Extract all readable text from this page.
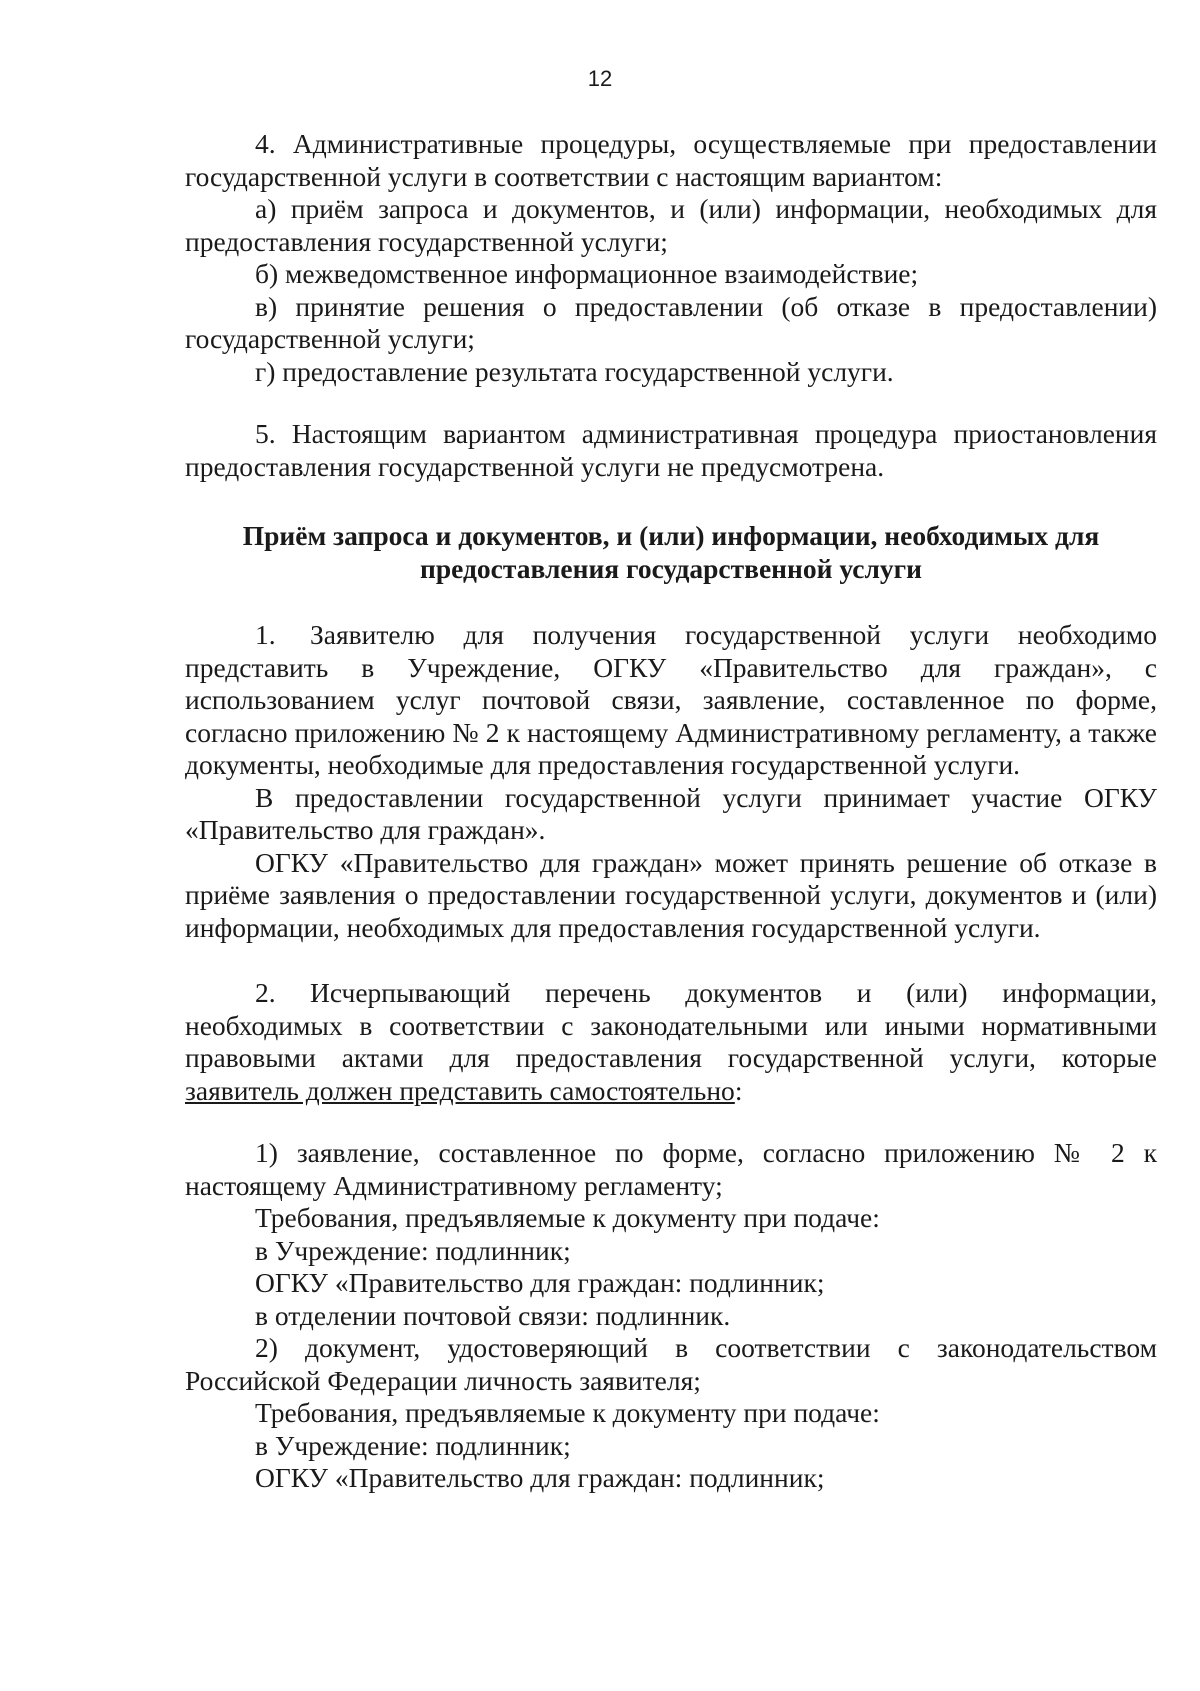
12

4. Административные процедуры, осуществляемые при предоставлении государственной услуги в соответствии с настоящим вариантом:

а) приём запроса и документов, и (или) информации, необходимых для предоставления государственной услуги;

б) межведомственное информационное взаимодействие;

в) принятие решения о предоставлении (об отказе в предоставлении) государственной услуги;

г) предоставление результата государственной услуги.

5. Настоящим вариантом административная процедура приостановления предоставления государственной услуги не предусмотрена.

Приём запроса и документов, и (или) информации, необходимых для
предоставления государственной услуги

1. Заявителю для получения государственной услуги необходимо представить в Учреждение, ОГКУ «Правительство для граждан», с использованием услуг почтовой связи, заявление, составленное по форме, согласно приложению № 2 к настоящему Административному регламенту, а также документы, необходимые для предоставления государственной услуги.

В предоставлении государственной услуги принимает участие ОГКУ «Правительство для граждан».

ОГКУ «Правительство для граждан» может принять решение об отказе в приёме заявления о предоставлении государственной услуги, документов и (или) информации, необходимых для предоставления государственной услуги.

2. Исчерпывающий перечень документов и (или) информации, необходимых в соответствии с законодательными или иными нормативными правовыми актами для предоставления государственной услуги, которые заявитель должен представить самостоятельно:

1) заявление, составленное по форме, согласно приложению № 2 к настоящему Административному регламенту;

Требования, предъявляемые к документу при подаче:

в Учреждение: подлинник;

ОГКУ «Правительство для граждан: подлинник;

в отделении почтовой связи: подлинник.

2) документ, удостоверяющий в соответствии с законодательством Российской Федерации личность заявителя;

Требования, предъявляемые к документу при подаче:

в Учреждение: подлинник;

ОГКУ «Правительство для граждан: подлинник;
